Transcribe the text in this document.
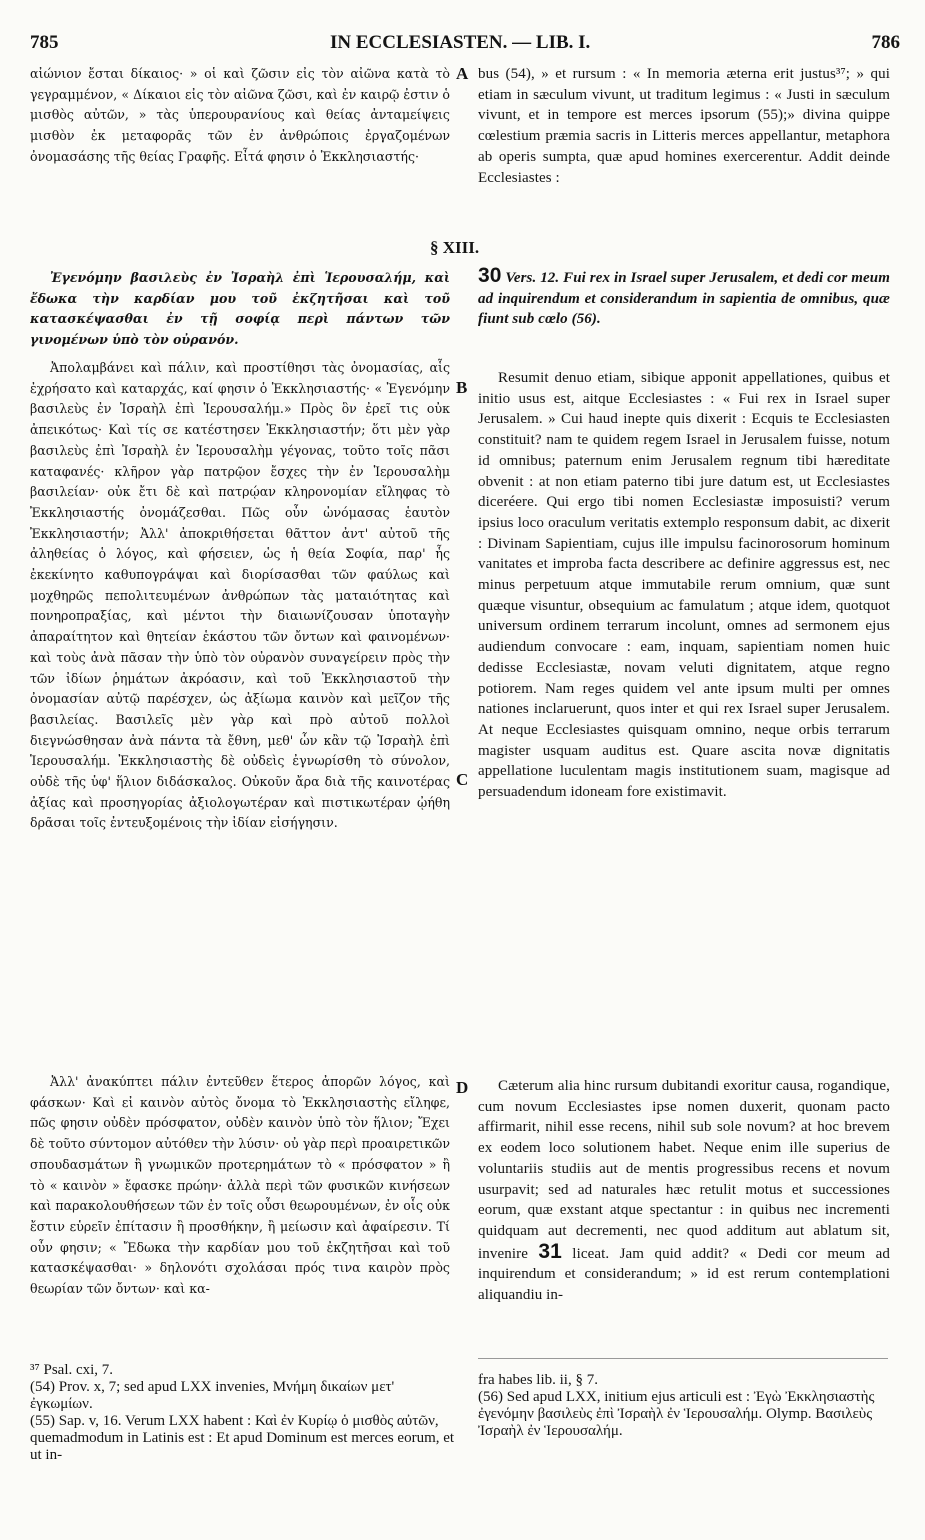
785	IN ECCLESIASTEN. — LIB. I.	786
A
B
C
D

αἰώνιον ἔσται δίκαιος· » οἱ καὶ ζῶσιν εἰς τὸν αἰῶνα κατὰ τὸ γεγραμμένον, « Δίκαιοι εἰς τὸν αἰῶνα ζῶσι, καὶ ἐν καιρῷ ἐστιν ὁ μισθὸς αὐτῶν, » τὰς ὑπερουρανίους καὶ θείας ἀνταμείψεις μισθὸν ἐκ μεταφορᾶς τῶν ἐν ἀνθρώποις ἐργαζομένων ὀνομασάσης τῆς θείας Γραφῆς. Εἶτά φησιν ὁ Ἐκκλησιαστής·

§ XIII.

Ἐγενόμην βασιλεὺς ἐν Ἰσραὴλ ἐπὶ Ἱερουσαλήμ, καὶ ἔδωκα τὴν καρδίαν μου τοῦ ἐκζητῆσαι καὶ τοῦ κατασκέψασθαι ἐν τῇ σοφίᾳ περὶ πάντων τῶν γινομένων ὑπὸ τὸν οὐρανόν.

Ἀπολαμβάνει καὶ πάλιν, καὶ προστίθησι τὰς ὀνομασίας, αἷς ἐχρήσατο καὶ καταρχάς, καί φησιν ὁ Ἐκκλησιαστής· « Ἐγενόμην βασιλεὺς ἐν Ἰσραὴλ ἐπὶ Ἱερουσαλήμ.» Πρὸς ὃν ἐρεῖ τις οὐκ ἀπεικότως· Καὶ τίς σε κατέστησεν Ἐκκλησιαστήν; ὅτι μὲν γὰρ βασιλεὺς ἐπὶ Ἰσραὴλ ἐν Ἱερουσαλὴμ γέγονας, τοῦτο τοῖς πᾶσι καταφανές· κλῆρον γὰρ πατρῷον ἔσχες τὴν ἐν Ἱερουσαλὴμ βασιλείαν· οὐκ ἔτι δὲ καὶ πατρῴαν κληρονομίαν εἴληφας τὸ Ἐκκλησιαστής ὀνομάζεσθαι. Πῶς οὖν ὠνόμασας ἑαυτὸν Ἐκκλησιαστήν; Ἀλλ' ἀποκριθήσεται θᾶττον ἀντ' αὐτοῦ τῆς ἀληθείας ὁ λόγος, καὶ φήσειεν, ὡς ἡ θεία Σοφία, παρ' ἧς ἐκεκίνητο καθυπογράψαι καὶ διορίσασθαι τῶν φαύλως καὶ μοχθηρῶς πεπολιτευμένων ἀνθρώπων τὰς ματαιότητας καὶ πονηροπραξίας, καὶ μέντοι τὴν διαιωνίζουσαν ὑποταγὴν ἀπαραίτητον καὶ θητείαν ἑκάστου τῶν ὄντων καὶ φαινομένων· καὶ τοὺς ἀνὰ πᾶσαν τὴν ὑπὸ τὸν οὐρανὸν συναγείρειν πρὸς τὴν τῶν ἰδίων ῥημάτων ἀκρόασιν, καὶ τοῦ Ἐκκλησιαστοῦ τὴν ὀνομασίαν αὐτῷ παρέσχεν, ὡς ἀξίωμα καινὸν καὶ μεῖζον τῆς βασιλείας. Βασιλεῖς μὲν γὰρ καὶ πρὸ αὐτοῦ πολλοὶ διεγνώσθησαν ἀνὰ πάντα τὰ ἔθνη, μεθ' ὧν κἂν τῷ Ἰσραὴλ ἐπὶ Ἱερουσαλήμ. Ἐκκλησιαστὴς δὲ οὐδεὶς ἐγνωρίσθη τὸ σύνολον, οὐδὲ τῆς ὑφ' ἥλιον διδάσκαλος. Οὐκοῦν ἄρα διὰ τῆς καινοτέρας ἀξίας καὶ προσηγορίας ἀξιολογωτέραν καὶ πιστικωτέραν ᾠήθη δρᾶσαι τοῖς ἐντευξομένοις τὴν ἰδίαν εἰσήγησιν.

Ἀλλ' ἀνακύπτει πάλιν ἐντεῦθεν ἕτερος ἀπορῶν λόγος, καὶ φάσκων· Καὶ εἰ καινὸν αὐτὸς ὄνομα τὸ Ἐκκλησιαστὴς εἴληφε, πῶς φησιν οὐδὲν πρόσφατον, οὐδὲν καινὸν ὑπὸ τὸν ἥλιον; Ἔχει δὲ τοῦτο σύντομον αὐτόθεν τὴν λύσιν· οὐ γὰρ περὶ προαιρετικῶν σπουδασμάτων ἢ γνωμικῶν προτερημάτων τὸ « πρόσφατον » ἢ τὸ « καινὸν » ἔφασκε πρώην· ἀλλὰ περὶ τῶν φυσικῶν κινήσεων καὶ παρακολουθήσεων τῶν ἐν τοῖς οὖσι θεωρουμένων, ἐν οἷς οὐκ ἔστιν εὑρεῖν ἐπίτασιν ἢ προσθήκην, ἢ μείωσιν καὶ ἀφαίρεσιν. Τί οὖν φησιν; « Ἔδωκα τὴν καρδίαν μου τοῦ ἐκζητῆσαι καὶ τοῦ κατασκέψασθαι· » δηλονότι σχολάσαι πρός τινα καιρὸν πρὸς θεωρίαν τῶν ὄντων· καὶ κα-

bus (54), » et rursum : « In memoria æterna erit justus³⁷; » qui etiam in sæculum vivunt, ut traditum legimus : « Justi in sæculum vivunt, et in tempore est merces ipsorum (55);» divina quippe cœlestium præmia sacris in Litteris merces appellantur, metaphora ab operis sumpta, quæ apud homines exercerentur. Addit deinde Ecclesiastes :

30 Vers. 12. Fui rex in Israel super Jerusalem, et dedi cor meum ad inquirendum et considerandum in sapientia de omnibus, quæ fiunt sub cœlo (56).

Resumit denuo etiam, sibique apponit appellationes, quibus et initio usus est, aitque Ecclesiastes : « Fui rex in Israel super Jerusalem. » Cui haud inepte quis dixerit : Ecquis te Ecclesiasten constituit? nam te quidem regem Israel in Jerusalem fuisse, notum id omnibus; paternum enim Jerusalem regnum tibi hæreditate obvenit : at non etiam paterno tibi jure datum est, ut Ecclesiastes diceréere. Qui ergo tibi nomen Ecclesiastæ imposuisti? verum ipsius loco oraculum veritatis extemplo responsum dabit, ac dixerit : Divinam Sapientiam, cujus ille impulsu facinorosorum hominum vanitates et improba facta describere ac definire aggressus est, nec minus perpetuum atque immutabile rerum omnium, quæ sunt quæque visuntur, obsequium ac famulatum ; atque idem, quotquot universum ordinem terrarum incolunt, omnes ad sermonem ejus audiendum convocare : eam, inquam, sapientiam nomen huic dedisse Ecclesiastæ, novam veluti dignitatem, atque regno potiorem. Nam reges quidem vel ante ipsum multi per omnes nationes inclaruerunt, quos inter et qui rex Israel super Jerusalem. At neque Ecclesiastes quisquam omnino, neque orbis terrarum magister usquam auditus est. Quare ascita novæ dignitatis appellatione luculentam magis institutionem suam, magisque ad persuadendum idoneam fore existimavit.

Cæterum alia hinc rursum dubitandi exoritur causa, rogandique, cum novum Ecclesiastes ipse nomen duxerit, quonam pacto affirmarit, nihil esse recens, nihil sub sole novum? at hoc brevem ex eodem loco solutionem habet. Neque enim ille superius de voluntariis studiis aut de mentis progressibus recens et novum usurpavit; sed ad naturales hæc retulit motus et successiones eorum, quæ exstant atque spectantur : in quibus nec incrementi quidquam aut decrementi, nec quod additum aut ablatum sit, invenire 31 liceat. Jam quid addit? « Dedi cor meum ad inquirendum et considerandum; » id est rerum contemplationi aliquandiu in-

³⁷ Psal. cxi, 7.

(54) Prov. x, 7; sed apud LXX invenies, Μνήμη δικαίων μετ' ἐγκωμίων.

(55) Sap. v, 16. Verum LXX habent : Καὶ ἐν Κυρίῳ ὁ μισθὸς αὐτῶν, quemadmodum in Latinis est : Et apud Dominum est merces eorum, et ut in-

fra habes lib. ii, § 7.

(56) Sed apud LXX, initium ejus articuli est : Ἐγὼ Ἐκκλησιαστὴς ἐγενόμην βασιλεὺς ἐπὶ Ἰσραὴλ ἐν Ἱερουσαλήμ. Olymp. Βασιλεὺς Ἰσραὴλ ἐν Ἱερουσαλήμ.
